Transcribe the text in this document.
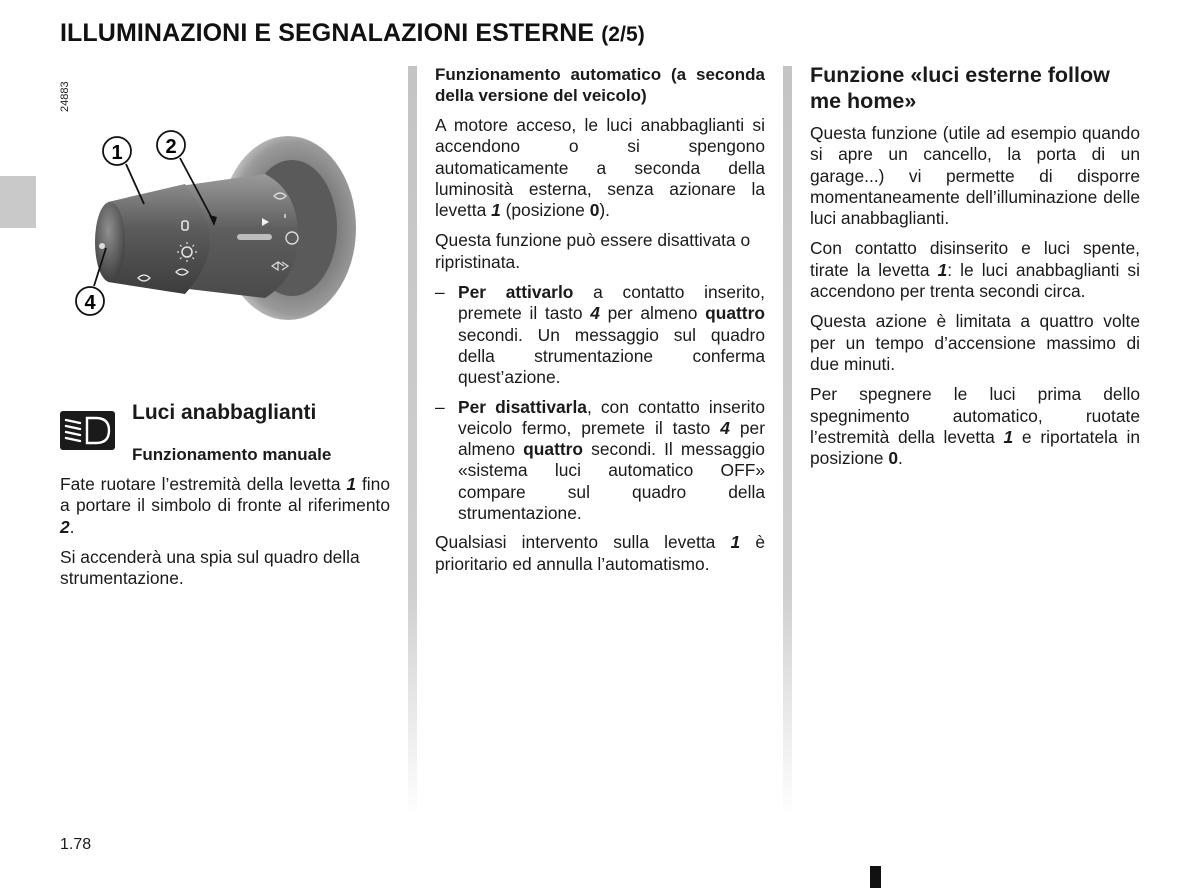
ILLUMINAZIONI E SEGNALAZIONI ESTERNE (2/5)
24883
1 2
4
Luci anabbaglianti
Funzionamento manuale

Fate ruotare l’estremità della levetta 1 fino a portare il simbolo di fronte al riferimento 2.

Si accenderà una spia sul quadro della strumentazione.

Funzionamento automatico (a seconda della versione del veicolo)

A motore acceso, le luci anabbaglianti si accendono o si spengono automaticamente a seconda della luminosità esterna, senza azionare la levetta 1 (posizione 0).

Questa funzione può essere disattivata o ripristinata.

– Per attivarlo a contatto inserito, premete il tasto 4 per almeno quattro secondi. Un messaggio sul quadro della strumentazione conferma quest’azione.
– Per disattivarla, con contatto inserito veicolo fermo, premete il tasto 4 per almeno quattro secondi. Il messaggio «sistema luci automatico OFF» compare sul quadro della strumentazione.

Qualsiasi intervento sulla levetta 1 è prioritario ed annulla l’automatismo.

Funzione «luci esterne follow me home»

Questa funzione (utile ad esempio quando si apre un cancello, la porta di un garage...) vi permette di disporre momentaneamente dell’illuminazione delle luci anabbaglianti.

Con contatto disinserito e luci spente, tirate la levetta 1: le luci anabbaglianti si accendono per trenta secondi circa.

Questa azione è limitata a quattro volte per un tempo d’accensione massimo di due minuti.

Per spegnere le luci prima dello spegnimento automatico, ruotate l’estremità della levetta 1 e riportatela in posizione 0.

1.78
